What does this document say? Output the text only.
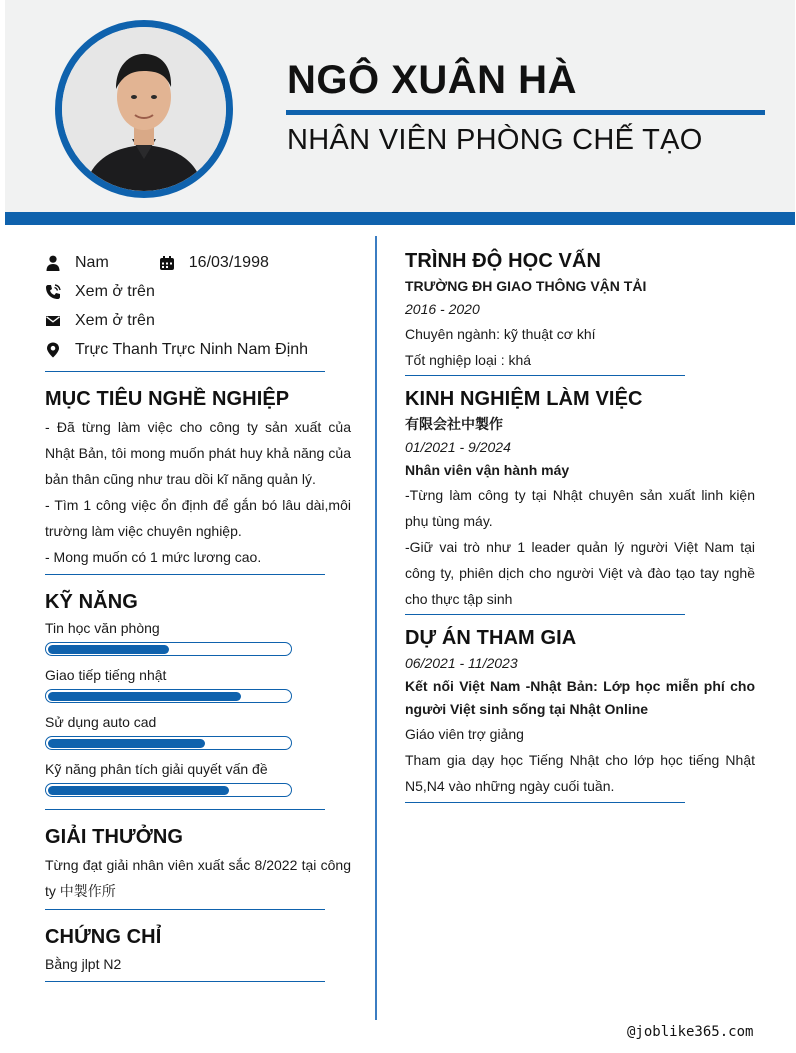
NGÔ XUÂN HÀ
NHÂN VIÊN PHÒNG CHẾ TẠO
Nam	16/03/1998
Xem ở trên
Xem ở trên
Trực Thanh Trực Ninh Nam Định
MỤC TIÊU NGHỀ NGHIỆP
- Đã từng làm việc cho công ty sản xuất của Nhật Bản, tôi mong muốn phát huy khả năng của bản thân cũng như trau dồi kĩ năng quản lý.
- Tìm 1 công việc ổn định để gắn bó lâu dài,môi trường làm việc chuyên nghiệp.
- Mong muốn có 1 mức lương cao.
KỸ NĂNG
Tin học văn phòng
Giao tiếp tiếng nhật
Sử dụng auto cad
Kỹ năng phân tích giải quyết vấn đề
GIẢI THƯỞNG
Từng đạt giải nhân viên xuất sắc 8/2022 tại công ty 中製作所
CHỨNG CHỈ
Bằng jlpt N2
TRÌNH ĐỘ HỌC VẤN
TRƯỜNG ĐH GIAO THÔNG VẬN TẢI
2016 - 2020
Chuyên ngành: kỹ thuật cơ khí
Tốt nghiệp loại : khá
KINH NGHIỆM LÀM VIỆC
有限会社中製作
01/2021 - 9/2024
Nhân viên vận hành máy
-Từng làm công ty tại Nhật chuyên sản xuất linh kiện phụ tùng máy.
-Giữ vai trò như 1 leader quản lý người Việt Nam tại công ty, phiên dịch cho người Việt và đào tạo tay nghề cho thực tập sinh
DỰ ÁN THAM GIA
06/2021 - 11/2023
Kết nối Việt Nam -Nhật Bản: Lớp học miễn phí cho người Việt sinh sống tại Nhật Online
Giáo viên trợ giảng
Tham gia dạy học Tiếng Nhật cho lớp học tiếng Nhật N5,N4 vào những ngày cuối tuần.
@joblike365.com
